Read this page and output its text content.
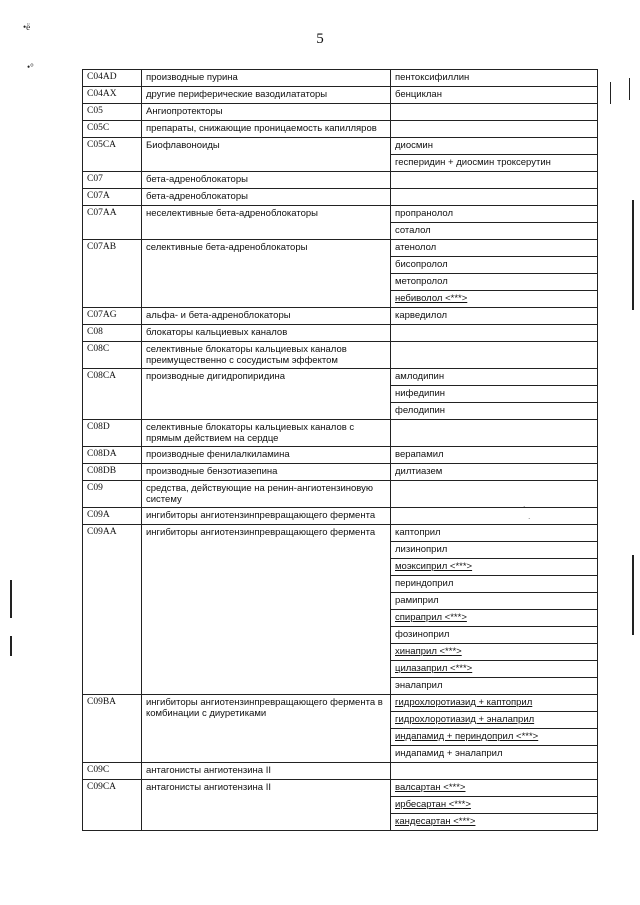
5
•ё
•°
·
·
C04AD	производные пурина	пентоксифиллин
C04AX	другие периферические вазодилататоры	бенциклан
C05	Ангиопротекторы	
C05C	препараты, снижающие проницаемость капилляров	
C05CA	Биофлавоноиды	диосмин
		гесперидин + диосмин троксерутин
C07	бета-адреноблокаторы	
C07A	бета-адреноблокаторы	
C07AA	неселективные бета-адреноблокаторы	пропранолол
		соталол
C07AB	селективные бета-адреноблокаторы	атенолол
		бисопролол
		метопролол
		небиволол <***>
C07AG	альфа- и бета-адреноблокаторы	карведилол
C08	блокаторы кальциевых каналов	
C08C	селективные блокаторы кальциевых каналов преимущественно с сосудистым эффектом	
C08CA	производные дигидропиридина	амлодипин
		нифедипин
		фелодипин
C08D	селективные блокаторы кальциевых каналов с прямым действием на сердце	
C08DA	производные фенилалкиламина	верапамил
C08DB	производные бензотиазепина	дилтиазем
C09	средства, действующие на ренин-ангиотензиновую систему	
C09A	ингибиторы ангиотензинпревращающего фермента	
C09AA	ингибиторы ангиотензинпревращающего фермента	каптоприл
		лизиноприл
		моэксиприл <***>
		периндоприл
		рамиприл
		спираприл <***>
		фозиноприл
		хинаприл <***>
		цилазаприл <***>
		эналаприл
C09BA	ингибиторы ангиотензинпревращающего фермента в комбинации с диуретиками	гидрохлоротиазид + каптоприл
		гидрохлоротиазид + эналаприл
		индапамид + периндоприл <***>
		индапамид + эналаприл
C09C	антагонисты ангиотензина II	
C09CA	антагонисты ангиотензина II	валсартан <***>
		ирбесартан <***>
		кандесартан <***>
